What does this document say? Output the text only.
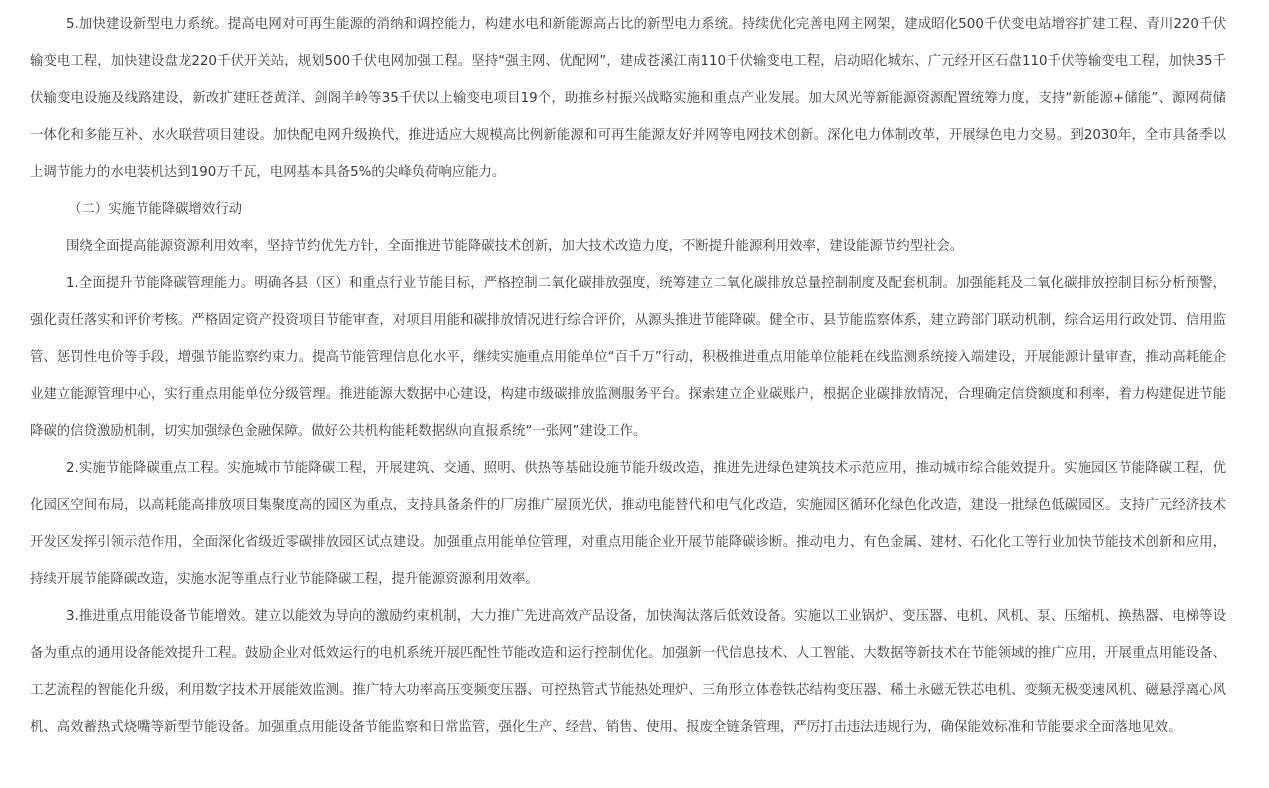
5.加快建设新型电力系统。提高电网对可再生能源的消纳和调控能力，构建水电和新能源高占比的新型电力系统。持续优化完善电网主网架，建成昭化500千伏变电站增容扩建工程、青川220千伏输变电工程，加快建设盘龙220千伏开关站，规划500千伏电网加强工程。坚持“强主网、优配网”，建成苍溪江南110千伏输变电工程，启动昭化城东、广元经开区石盘110千伏等输变电工程，加快35千伏输变电设施及线路建设，新改扩建旺苍黄洋、剑阁羊岭等35千伏以上输变电项目19个，助推乡村振兴战略实施和重点产业发展。加大风光等新能源资源配置统筹力度，支持“新能源+储能”、源网荷储一体化和多能互补、水火联营项目建设。加快配电网升级换代，推进适应大规模高比例新能源和可再生能源友好并网等电网技术创新。深化电力体制改革，开展绿色电力交易。到2030年，全市具备季以上调节能力的水电装机达到190万千瓦，电网基本具备5%的尖峰负荷响应能力。

（二）实施节能降碳增效行动

围绕全面提高能源资源利用效率，坚持节约优先方针，全面推进节能降碳技术创新，加大技术改造力度，不断提升能源利用效率，建设能源节约型社会。

1.全面提升节能降碳管理能力。明确各县（区）和重点行业节能目标，严格控制二氧化碳排放强度，统筹建立二氧化碳排放总量控制制度及配套机制。加强能耗及二氧化碳排放控制目标分析预警，强化责任落实和评价考核。严格固定资产投资项目节能审查，对项目用能和碳排放情况进行综合评价，从源头推进节能降碳。健全市、县节能监察体系，建立跨部门联动机制，综合运用行政处罚、信用监管、惩罚性电价等手段，增强节能监察约束力。提高节能管理信息化水平，继续实施重点用能单位“百千万”行动，积极推进重点用能单位能耗在线监测系统接入端建设，开展能源计量审查，推动高耗能企业建立能源管理中心，实行重点用能单位分级管理。推进能源大数据中心建设，构建市级碳排放监测服务平台。探索建立企业碳账户，根据企业碳排放情况，合理确定信贷额度和利率，着力构建促进节能降碳的信贷激励机制，切实加强绿色金融保障。做好公共机构能耗数据纵向直报系统“一张网”建设工作。

2.实施节能降碳重点工程。实施城市节能降碳工程，开展建筑、交通、照明、供热等基础设施节能升级改造，推进先进绿色建筑技术示范应用，推动城市综合能效提升。实施园区节能降碳工程，优化园区空间布局，以高耗能高排放项目集聚度高的园区为重点，支持具备条件的厂房推广屋顶光伏，推动电能替代和电气化改造，实施园区循环化绿色化改造，建设一批绿色低碳园区。支持广元经济技术开发区发挥引领示范作用，全面深化省级近零碳排放园区试点建设。加强重点用能单位管理，对重点用能企业开展节能降碳诊断。推动电力、有色金属、建材、石化化工等行业加快节能技术创新和应用，持续开展节能降碳改造，实施水泥等重点行业节能降碳工程，提升能源资源利用效率。

3.推进重点用能设备节能增效。建立以能效为导向的激励约束机制，大力推广先进高效产品设备，加快淘汰落后低效设备。实施以工业锅炉、变压器、电机、风机、泵、压缩机、换热器、电梯等设备为重点的通用设备能效提升工程。鼓励企业对低效运行的电机系统开展匹配性节能改造和运行控制优化。加强新一代信息技术、人工智能、大数据等新技术在节能领域的推广应用，开展重点用能设备、工艺流程的智能化升级，利用数字技术开展能效监测。推广特大功率高压变频变压器、可控热管式节能热处理炉、三角形立体卷铁芯结构变压器、稀土永磁无铁芯电机、变频无极变速风机、磁悬浮离心风机、高效蓄热式烧嘴等新型节能设备。加强重点用能设备节能监察和日常监管，强化生产、经营、销售、使用、报废全链条管理，严厉打击违法违规行为，确保能效标准和节能要求全面落地见效。
